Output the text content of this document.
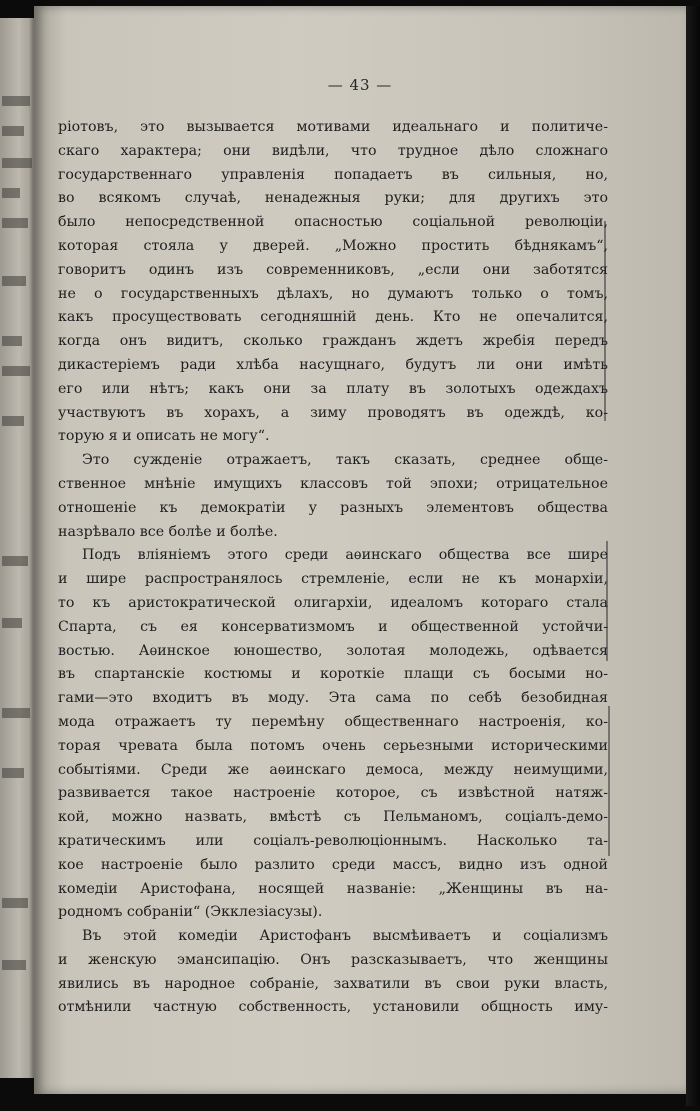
— 43 —
ріотовъ, это вызывается мотивами идеальнаго и политиче-
скаго характера; они видѣли, что трудное дѣло сложнаго
государственнаго управленія попадаетъ въ сильныя, но,
во всякомъ случаѣ, ненадежныя руки; для другихъ это
было непосредственной опасностью соціальной революціи,
которая стояла у дверей. „Можно простить бѣднякамъ“,
говоритъ одинъ изъ современниковъ, „если они заботятся
не о государственныхъ дѣлахъ, но думаютъ только о томъ,
какъ просуществовать сегодняшній день. Кто не опечалится,
когда онъ видитъ, сколько гражданъ ждетъ жребія передъ
дикастеріемъ ради хлѣба насущнаго, будутъ ли они имѣть
его или нѣтъ; какъ они за плату въ золотыхъ одеждахъ
участвуютъ въ хорахъ, а зиму проводятъ въ одеждѣ, ко-
торую я и описать не могу“.
Это сужденіе отражаетъ, такъ сказать, среднее обще-
ственное мнѣніе имущихъ классовъ той эпохи; отрицательное
отношеніе къ демократіи у разныхъ элементовъ общества
назрѣвало все болѣе и болѣе.
Подъ вліяніемъ этого среди аѳинскаго общества все шире
и шире распространялось стремленіе, если не къ монархіи,
то къ аристократической олигархіи, идеаломъ котораго стала
Спарта, съ ея консерватизмомъ и общественной устойчи-
востью. Аѳинское юношество, золотая молодежь, одѣвается
въ спартанскіе костюмы и короткіе плащи съ босыми но-
гами—это входитъ въ моду. Эта сама по себѣ безобидная
мода отражаетъ ту перемѣну общественнаго настроенія, ко-
торая чревата была потомъ очень серьезными историческими
событіями. Среди же аѳинскаго демоса, между неимущими,
развивается такое настроеніе которое, съ извѣстной натяж-
кой, можно назвать, вмѣстѣ съ Пельманомъ, соціалъ-демо-
кратическимъ или соціалъ-революціоннымъ. Насколько та-
кое настроеніе было разлито среди массъ, видно изъ одной
комедіи Аристофана, носящей названіе: „Женщины въ на-
родномъ собраніи“ (Экклезіасузы).
Въ этой комедіи Аристофанъ высмѣиваетъ и соціализмъ
и женскую эмансипацію. Онъ разсказываетъ, что женщины
явились въ народное собраніе, захватили въ свои руки власть,
отмѣнили частную собственность, установили общность иму-
